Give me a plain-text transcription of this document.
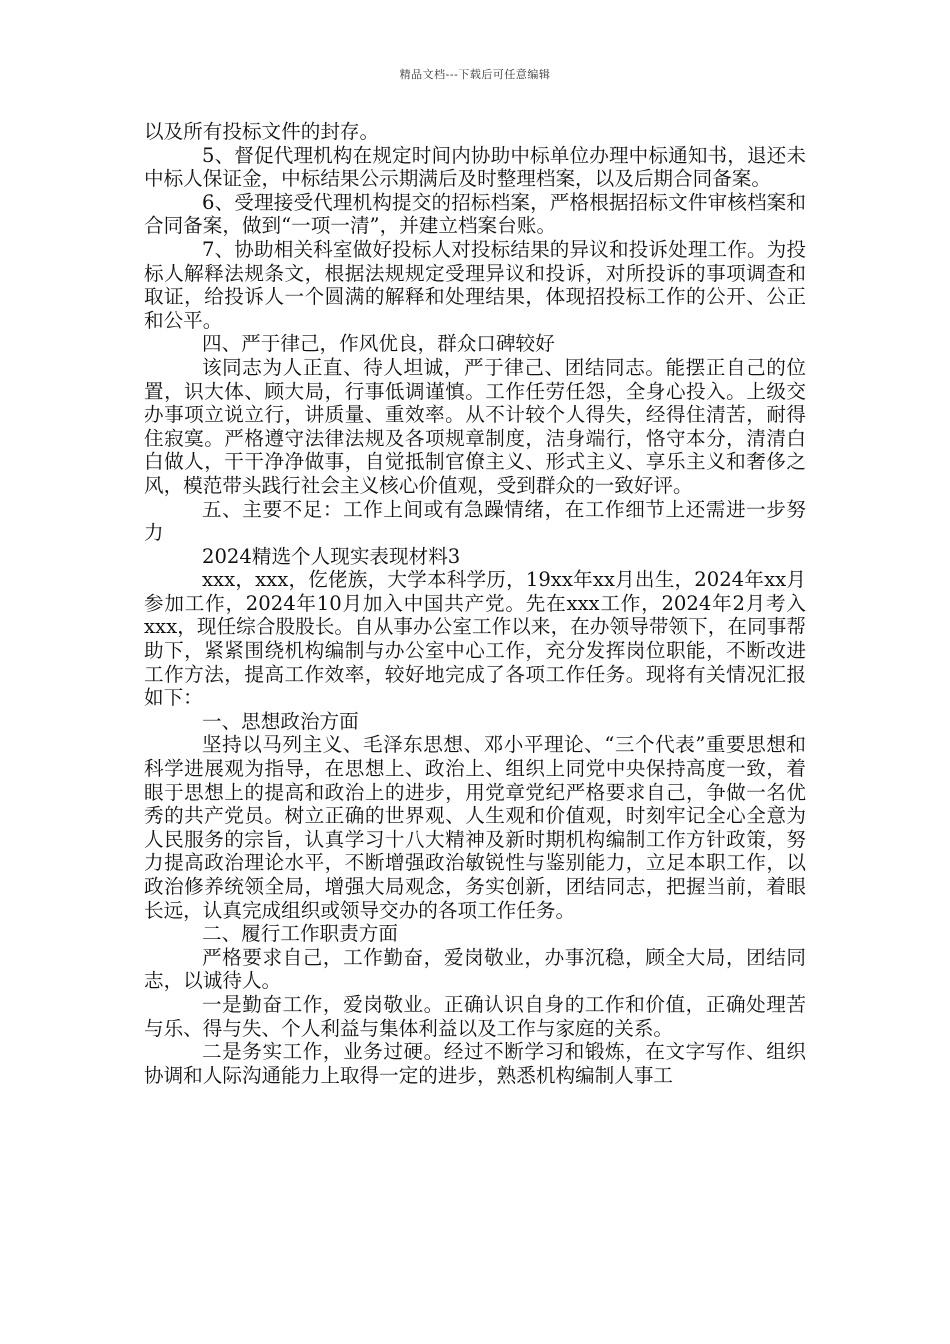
精品文档---下载后可任意编辑

以及所有投标文件的封存。

5、督促代理机构在规定时间内协助中标单位办理中标通知书，退还未中标人保证金，中标结果公示期满后及时整理档案，以及后期合同备案。

6、受理接受代理机构提交的招标档案，严格根据招标文件审核档案和合同备案，做到“一项一清”，并建立档案台账。

7、协助相关科室做好投标人对投标结果的异议和投诉处理工作。为投标人解释法规条文，根据法规规定受理异议和投诉，对所投诉的事项调查和取证，给投诉人一个圆满的解释和处理结果，体现招投标工作的公开、公正和公平。

四、严于律己，作风优良，群众口碑较好

该同志为人正直、待人坦诚，严于律己、团结同志。能摆正自己的位置，识大体、顾大局，行事低调谨慎。工作任劳任怨，全身心投入。上级交办事项立说立行，讲质量、重效率。从不计较个人得失，经得住清苦，耐得住寂寞。严格遵守法律法规及各项规章制度，洁身端行，恪守本分，清清白白做人，干干净净做事，自觉抵制官僚主义、形式主义、享乐主义和奢侈之风，模范带头践行社会主义核心价值观，受到群众的一致好评。

五、主要不足：工作上间或有急躁情绪，在工作细节上还需进一步努力

2024精选个人现实表现材料3

xxx，xxx，仡佬族，大学本科学历，19xx年xx月出生，2024年xx月参加工作，2024年10月加入中国共产党。先在xxx工作，2024年2月考入xxx，现任综合股股长。自从事办公室工作以来，在办领导带领下，在同事帮助下，紧紧围绕机构编制与办公室中心工作，充分发挥岗位职能，不断改进工作方法，提高工作效率，较好地完成了各项工作任务。现将有关情况汇报如下：

一、思想政治方面

坚持以马列主义、毛泽东思想、邓小平理论、“三个代表”重要思想和科学进展观为指导，在思想上、政治上、组织上同党中央保持高度一致，着眼于思想上的提高和政治上的进步，用党章党纪严格要求自己，争做一名优秀的共产党员。树立正确的世界观、人生观和价值观，时刻牢记全心全意为人民服务的宗旨，认真学习十八大精神及新时期机构编制工作方针政策，努力提高政治理论水平，不断增强政治敏锐性与鉴别能力，立足本职工作，以政治修养统领全局，增强大局观念，务实创新，团结同志，把握当前，着眼长远，认真完成组织或领导交办的各项工作任务。

二、履行工作职责方面

严格要求自己，工作勤奋，爱岗敬业，办事沉稳，顾全大局，团结同志，以诚待人。

一是勤奋工作，爱岗敬业。正确认识自身的工作和价值，正确处理苦与乐、得与失、个人利益与集体利益以及工作与家庭的关系。

二是务实工作，业务过硬。经过不断学习和锻炼，在文字写作、组织协调和人际沟通能力上取得一定的进步，熟悉机构编制人事工
